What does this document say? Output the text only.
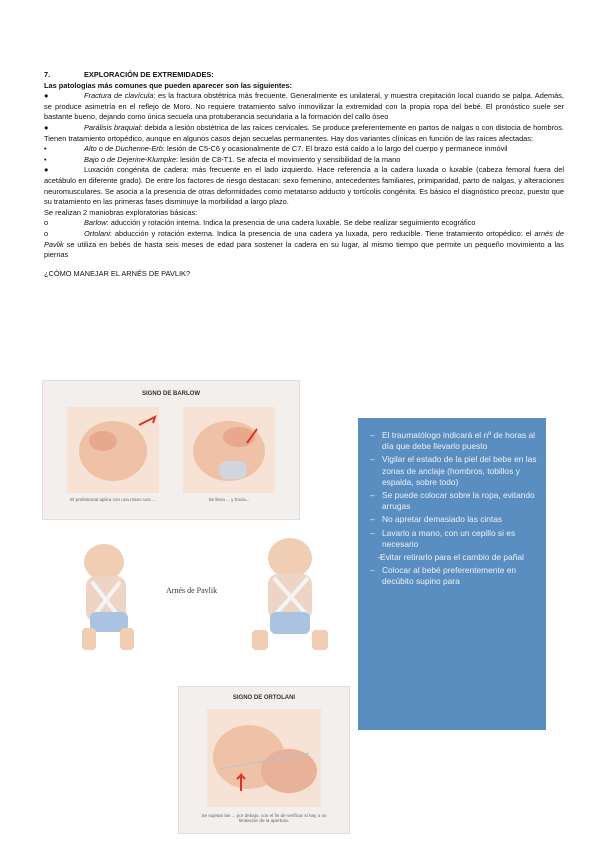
7.	EXPLORACIÓN DE EXTREMIDADES:

Las patologías más comunes que pueden aparecer son las siguientes:

●	Fractura de clavícula: es la fractura obstétrica más frecuente. Generalmente es unilateral, y muestra crepitación local cuando se palpa. Además, se produce asimetría en el reflejo de Moro. No requiere tratamiento salvo inmovilizar la extremidad con la propia ropa del bebé. El pronóstico suele ser bastante bueno, dejando como única secuela una protuberancia secundaria a la formación del callo óseo

●	Parálisis braquial: debida a lesión obstétrica de las raíces cervicales. Se produce preferentemente en partos de nalgas o con distocia de hombros. Tienen tratamiento ortopédico, aunque en algunos casos dejan secuelas permanentes. Hay dos variantes clínicas en función de las raíces afectadas:

•	Alto o de Duchenne-Erb: lesión de C5-C6 y ocasionalmente de C7. El brazo está caído a lo largo del cuerpo y permanece inmóvil

•	Bajo o de Dejerine-Klumpke: lesión de C8-T1. Se afecta el movimiento y sensibilidad de la mano

●	Luxación congénita de cadera: más frecuente en el lado izquierdo. Hace referencia a la cadera luxada o luxable (cabeza femoral fuera del acetábulo en diferente grado). De entre los factores de riesgo destacan: sexo femenino, antecedentes familiares, primiparidad, parto de nalgas, y alteraciones neuromusculares. Se asocia a la presencia de otras deformidades como metatarso adducto y tortícolis congénita. Es básico el diagnóstico precoz, puesto que su tratamiento en las primeras fases disminuye la morbilidad a largo plazo.

Se realizan 2 maniobras exploratorias básicas:

o	Barlow: aducción y rotación interna. Indica la presencia de una cadera luxable. Se debe realizar seguimiento ecográfico

o	Ortolani: abducción y rotación externa. Indica la presencia de una cadera ya luxada, pero reducible. Tiene tratamiento ortopédico: el arnés de Pavlik se utiliza en bebés de hasta seis meses de edad para sostener la cadera en su lugar, al mismo tiempo que permite un pequeño movimiento a las piernas

¿CÓMO MANEJAR EL ARNÉS DE PAVLIK?

SIGNO DE BARLOW
El profesional aplica con una mano una ...	Se lleva ... y hacia...
Arnés de Pavlik
SIGNO DE ORTOLANI
Se sujetan las ... por debajo, con el fin de verificar si hay o no limitación de la apertura.
– El traumatólogo indicará el nº de horas al día que debe llevarlo puesto
– Vigilar el estado de la piel del bebe en las zonas de anclaje (hombros, tobillos y espalda, sobre todo)
– Se puede colocar sobre la ropa, evitando arrugas
– No apretar demasiado las cintas
– Lavarlo a mano, con un cepillo si es necesario
– Evitar retirarlo para el cambio de pañal
– Colocar al bebé preferentemente en decúbito supino para
